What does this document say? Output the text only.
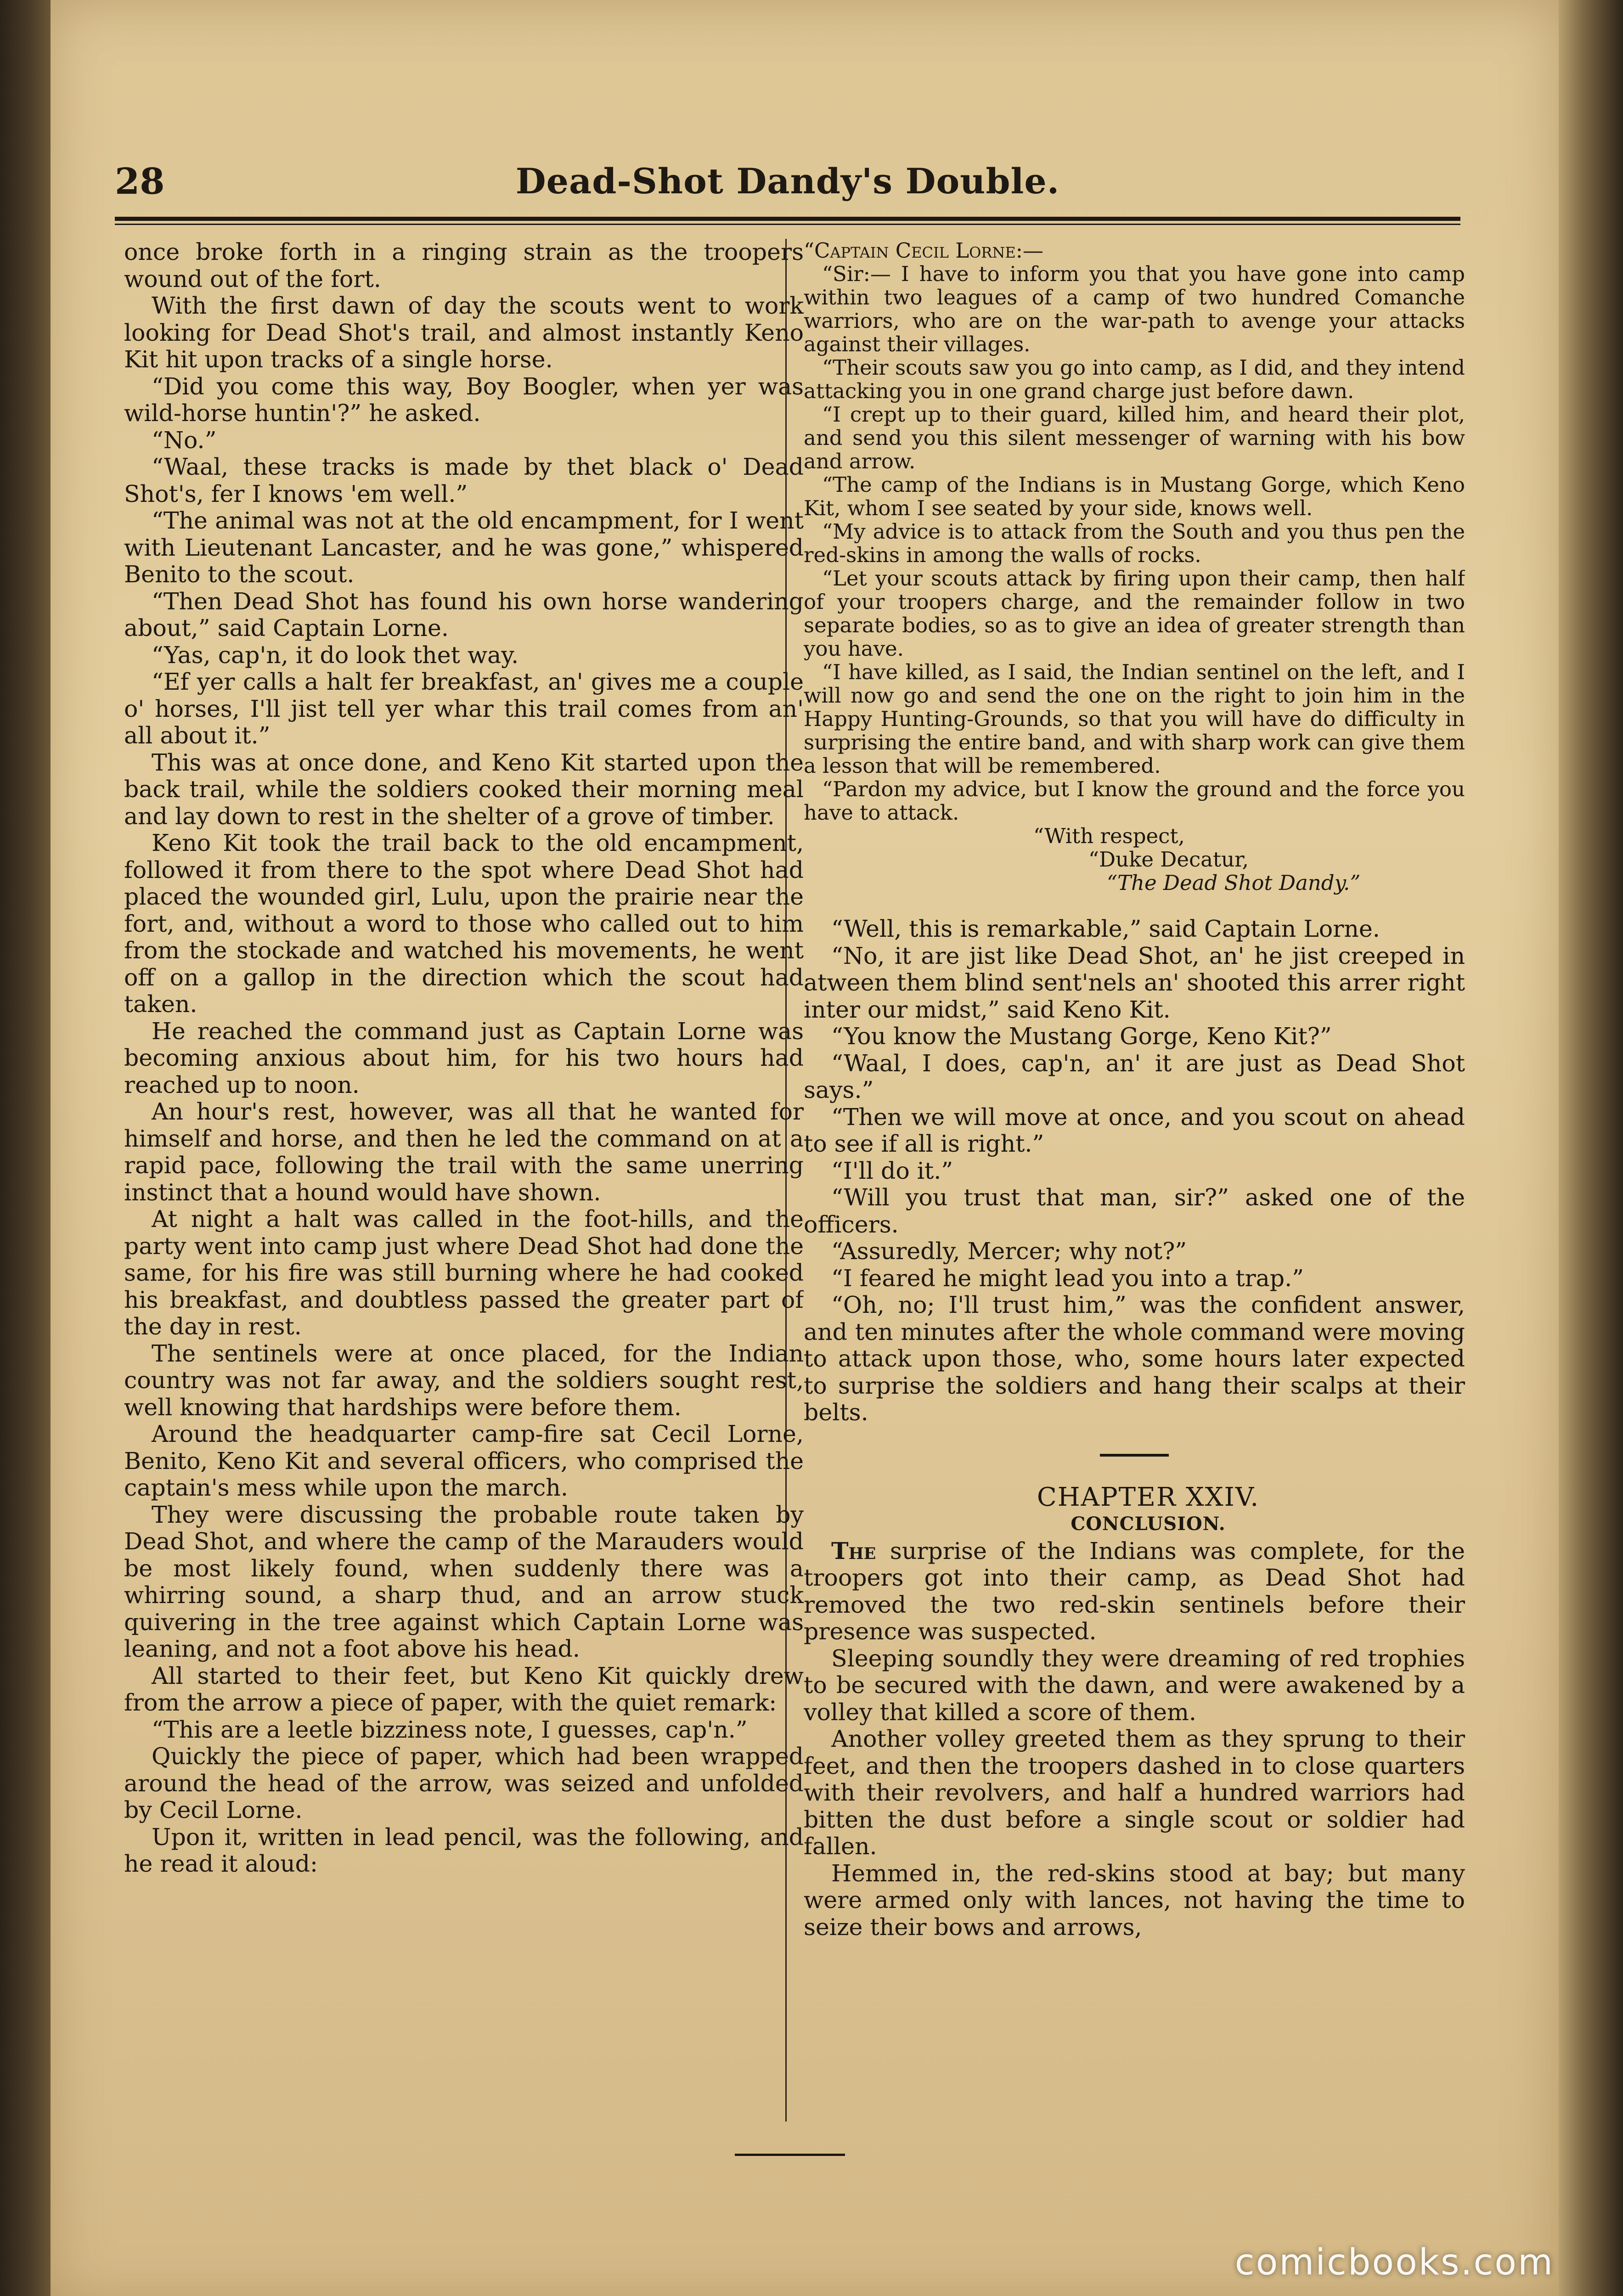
28	Dead-Shot Dandy's Double.

once broke forth in a ringing strain as the troopers wound out of the fort.

With the first dawn of day the scouts went to work looking for Dead Shot's trail, and almost instantly Keno Kit hit upon tracks of a single horse.

“Did you come this way, Boy Boogler, when yer was wild-horse huntin'?” he asked.

“No.”

“Waal, these tracks is made by thet black o' Dead Shot's, fer I knows 'em well.”

“The animal was not at the old encampment, for I went with Lieutenant Lancaster, and he was gone,” whispered Benito to the scout.

“Then Dead Shot has found his own horse wandering about,” said Captain Lorne.

“Yas, cap'n, it do look thet way.

“Ef yer calls a halt fer breakfast, an' gives me a couple o' horses, I'll jist tell yer whar this trail comes from an' all about it.”

This was at once done, and Keno Kit started upon the back trail, while the soldiers cooked their morning meal and lay down to rest in the shelter of a grove of timber.

Keno Kit took the trail back to the old encampment, followed it from there to the spot where Dead Shot had placed the wounded girl, Lulu, upon the prairie near the fort, and, without a word to those who called out to him from the stockade and watched his movements, he went off on a gallop in the direction which the scout had taken.

He reached the command just as Captain Lorne was becoming anxious about him, for his two hours had reached up to noon.

An hour's rest, however, was all that he wanted for himself and horse, and then he led the command on at a rapid pace, following the trail with the same unerring instinct that a hound would have shown.

At night a halt was called in the foot-hills, and the party went into camp just where Dead Shot had done the same, for his fire was still burning where he had cooked his breakfast, and doubtless passed the greater part of the day in rest.

The sentinels were at once placed, for the Indian country was not far away, and the soldiers sought rest, well knowing that hardships were before them.

Around the headquarter camp-fire sat Cecil Lorne, Benito, Keno Kit and several officers, who comprised the captain's mess while upon the march.

They were discussing the probable route taken by Dead Shot, and where the camp of the Marauders would be most likely found, when suddenly there was a whirring sound, a sharp thud, and an arrow stuck quivering in the tree against which Captain Lorne was leaning, and not a foot above his head.

All started to their feet, but Keno Kit quickly drew from the arrow a piece of paper, with the quiet remark:

“This are a leetle bizziness note, I guesses, cap'n.”

Quickly the piece of paper, which had been wrapped around the head of the arrow, was seized and unfolded by Cecil Lorne.

Upon it, written in lead pencil, was the following, and he read it aloud:

“Captain Cecil Lorne:—

“Sir:— I have to inform you that you have gone into camp within two leagues of a camp of two hundred Comanche warriors, who are on the war-path to avenge your attacks against their villages.

“Their scouts saw you go into camp, as I did, and they intend attacking you in one grand charge just before dawn.

“I crept up to their guard, killed him, and heard their plot, and send you this silent messenger of warning with his bow and arrow.

“The camp of the Indians is in Mustang Gorge, which Keno Kit, whom I see seated by your side, knows well.

“My advice is to attack from the South and you thus pen the red-skins in among the walls of rocks.

“Let your scouts attack by firing upon their camp, then half of your troopers charge, and the remainder follow in two separate bodies, so as to give an idea of greater strength than you have.

“I have killed, as I said, the Indian sentinel on the left, and I will now go and send the one on the right to join him in the Happy Hunting-Grounds, so that you will have do difficulty in surprising the entire band, and with sharp work can give them a lesson that will be remembered.

“Pardon my advice, but I know the ground and the force you have to attack.

“With respect,

“Duke Decatur,

“The Dead Shot Dandy.”

“Well, this is remarkable,” said Captain Lorne.

“No, it are jist like Dead Shot, an' he jist creeped in atween them blind sent'nels an' shooted this arrer right inter our midst,” said Keno Kit.

“You know the Mustang Gorge, Keno Kit?”

“Waal, I does, cap'n, an' it are just as Dead Shot says.”

“Then we will move at once, and you scout on ahead to see if all is right.”

“I'll do it.”

“Will you trust that man, sir?” asked one of the officers.

“Assuredly, Mercer; why not?”

“I feared he might lead you into a trap.”

“Oh, no; I'll trust him,” was the confident answer, and ten minutes after the whole command were moving to attack upon those, who, some hours later expected to surprise the soldiers and hang their scalps at their belts.

CHAPTER XXIV.

CONCLUSION.

The surprise of the Indians was complete, for the troopers got into their camp, as Dead Shot had removed the two red-skin sentinels before their presence was suspected.

Sleeping soundly they were dreaming of red trophies to be secured with the dawn, and were awakened by a volley that killed a score of them.

Another volley greeted them as they sprung to their feet, and then the troopers dashed in to close quarters with their revolvers, and half a hundred warriors had bitten the dust before a single scout or soldier had fallen.

Hemmed in, the red-skins stood at bay; but many were armed only with lances, not having the time to seize their bows and arrows,

comicbooks.com
